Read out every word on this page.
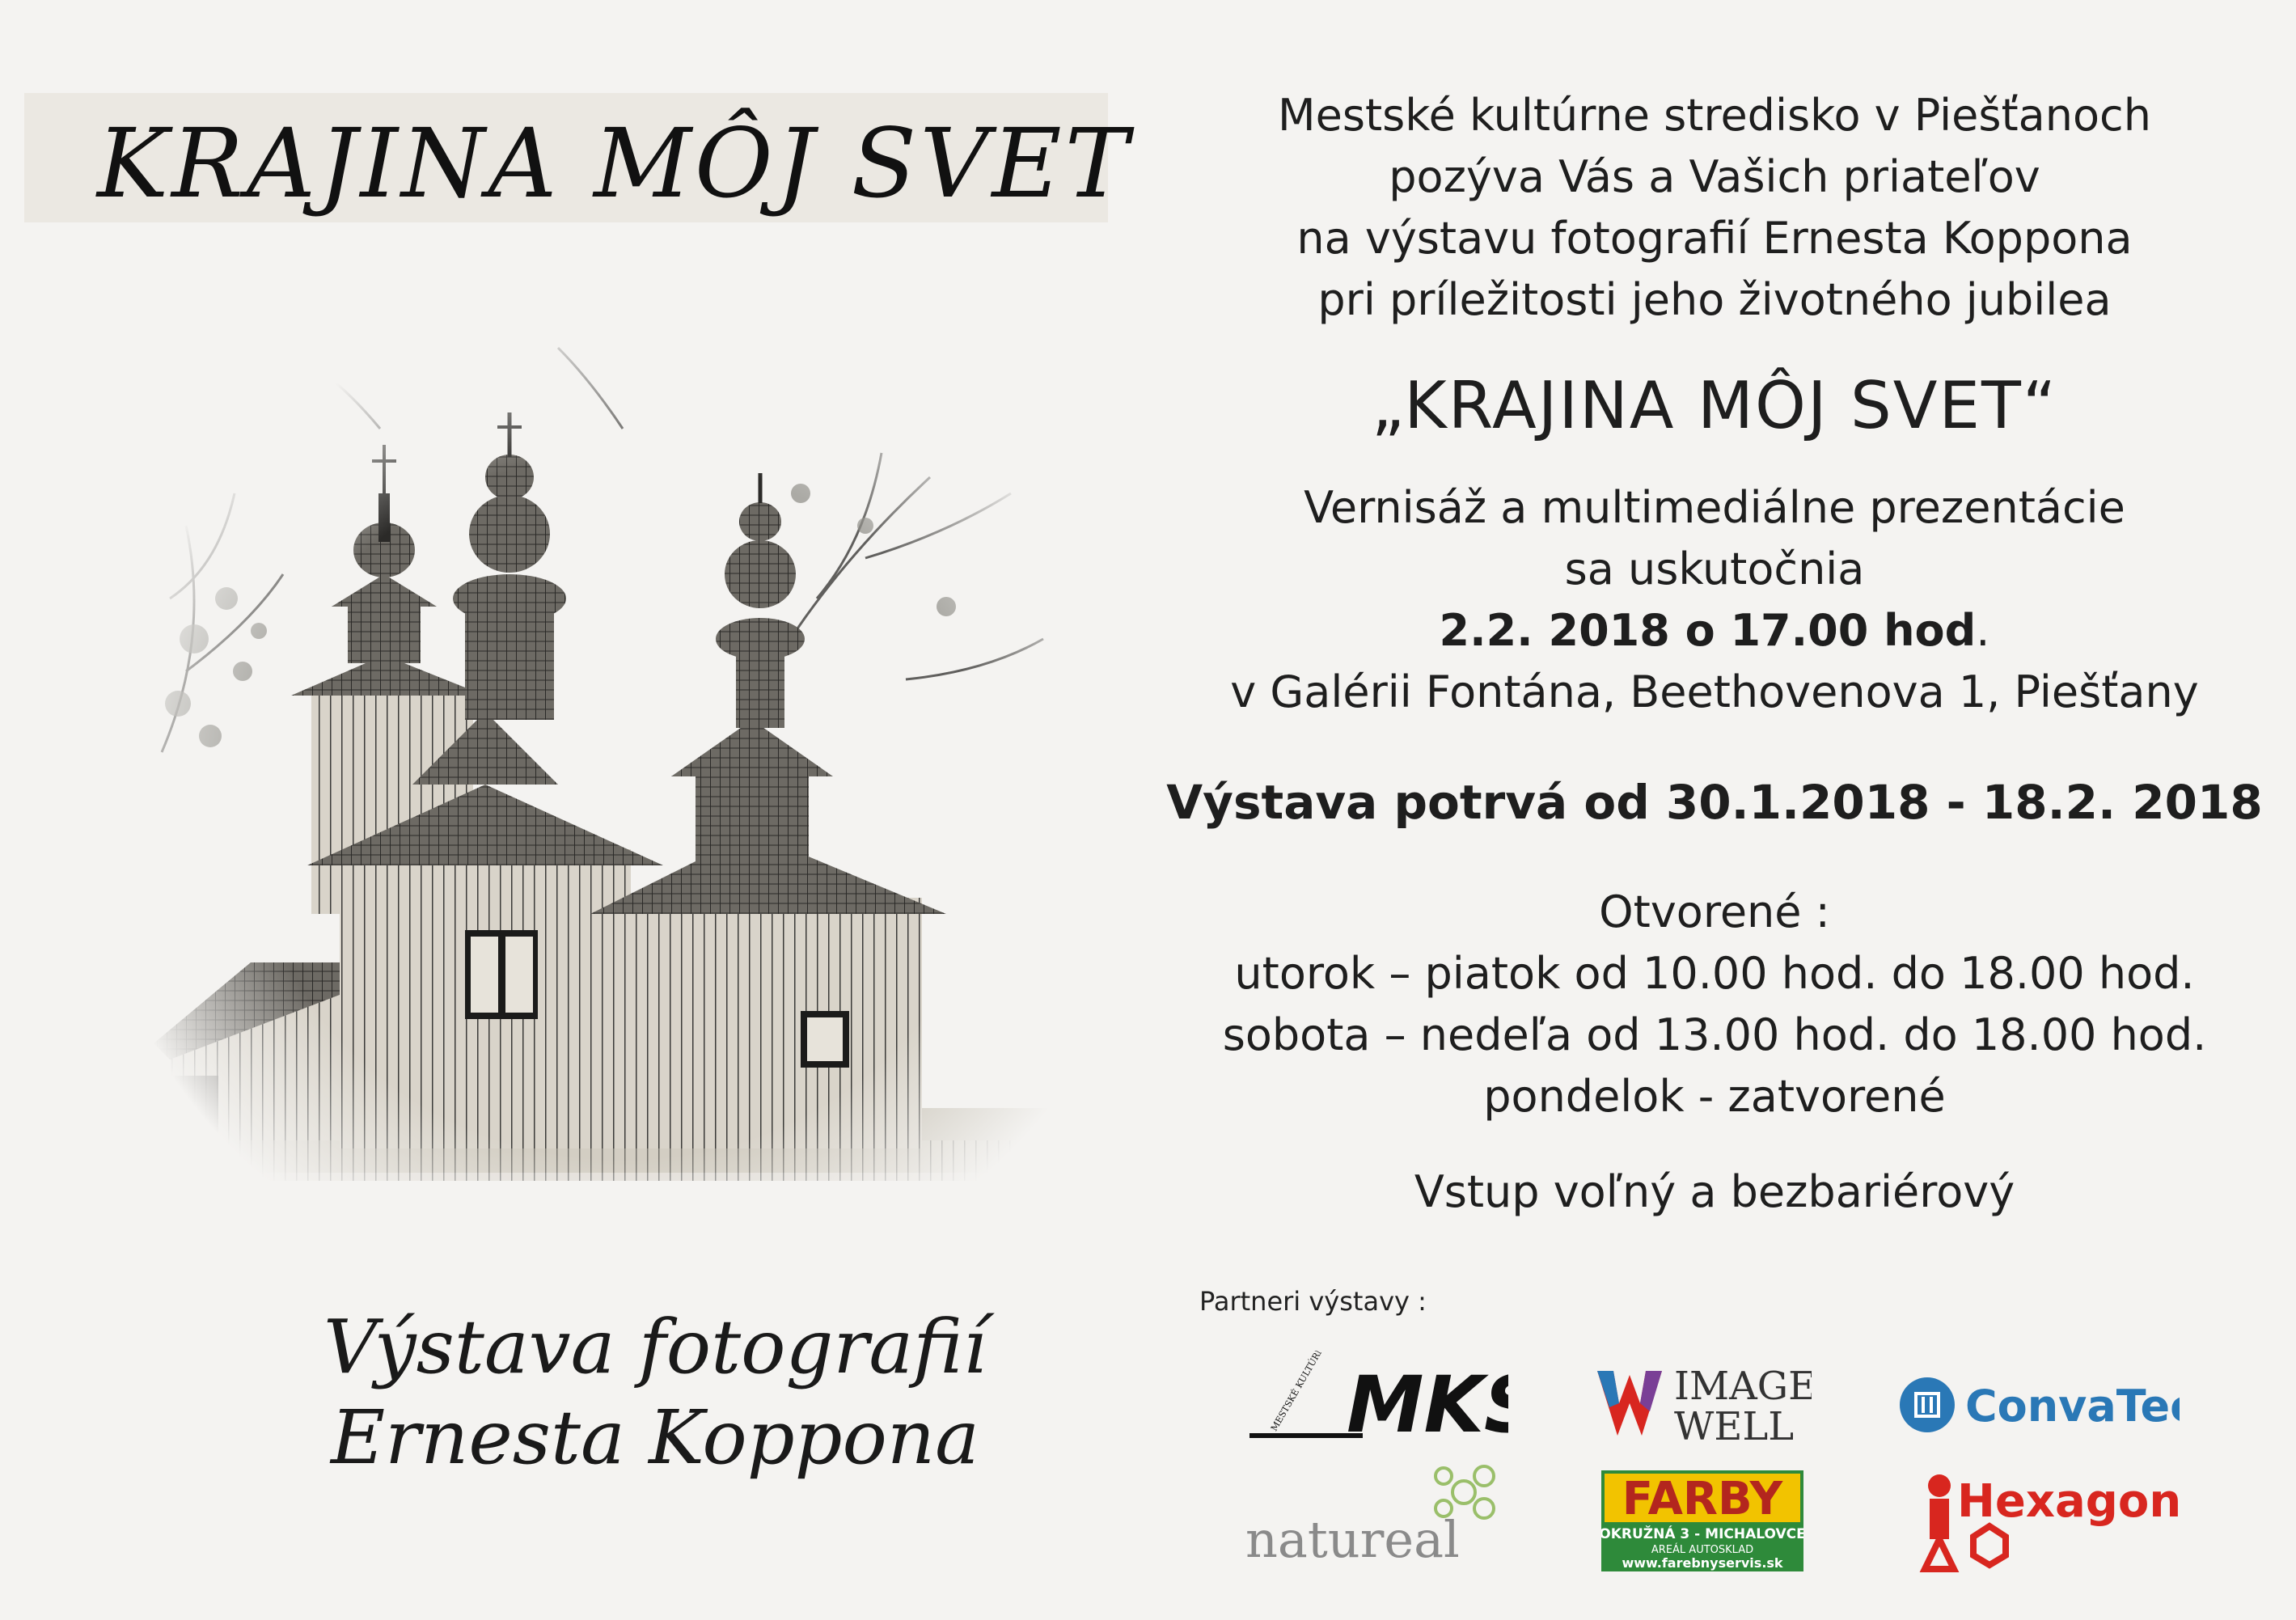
KRAJINA MÔJ SVET
Výstava fotografií
Ernesta Koppona
Mestské kultúrne stredisko v Piešťanoch
pozýva Vás a Vašich priateľov
na výstavu fotografií Ernesta Koppona
pri príležitosti jeho životného jubilea
„KRAJINA MÔJ SVET“
Vernisáž a multimediálne prezentácie
sa uskutočnia
2.2. 2018 o 17.00 hod.
v Galérii Fontána, Beethovenova 1, Piešťany
Výstava potrvá od 30.1.2018 - 18.2. 2018
Otvorené :
utorok – piatok od 10.00 hod. do 18.00 hod.
sobota – nedeľa od 13.00 hod. do 18.00 hod.
pondelok - zatvorené
Vstup voľný a bezbariérový
Partneri výstavy :
MK	IMAGE
WELL	ConvaTec
natureal
FARBY
OKRUŽNÁ 3 - MICHALOVCE
AREÁL AUTOSKLAD
www.farebnyservis.sk
Hexagon
